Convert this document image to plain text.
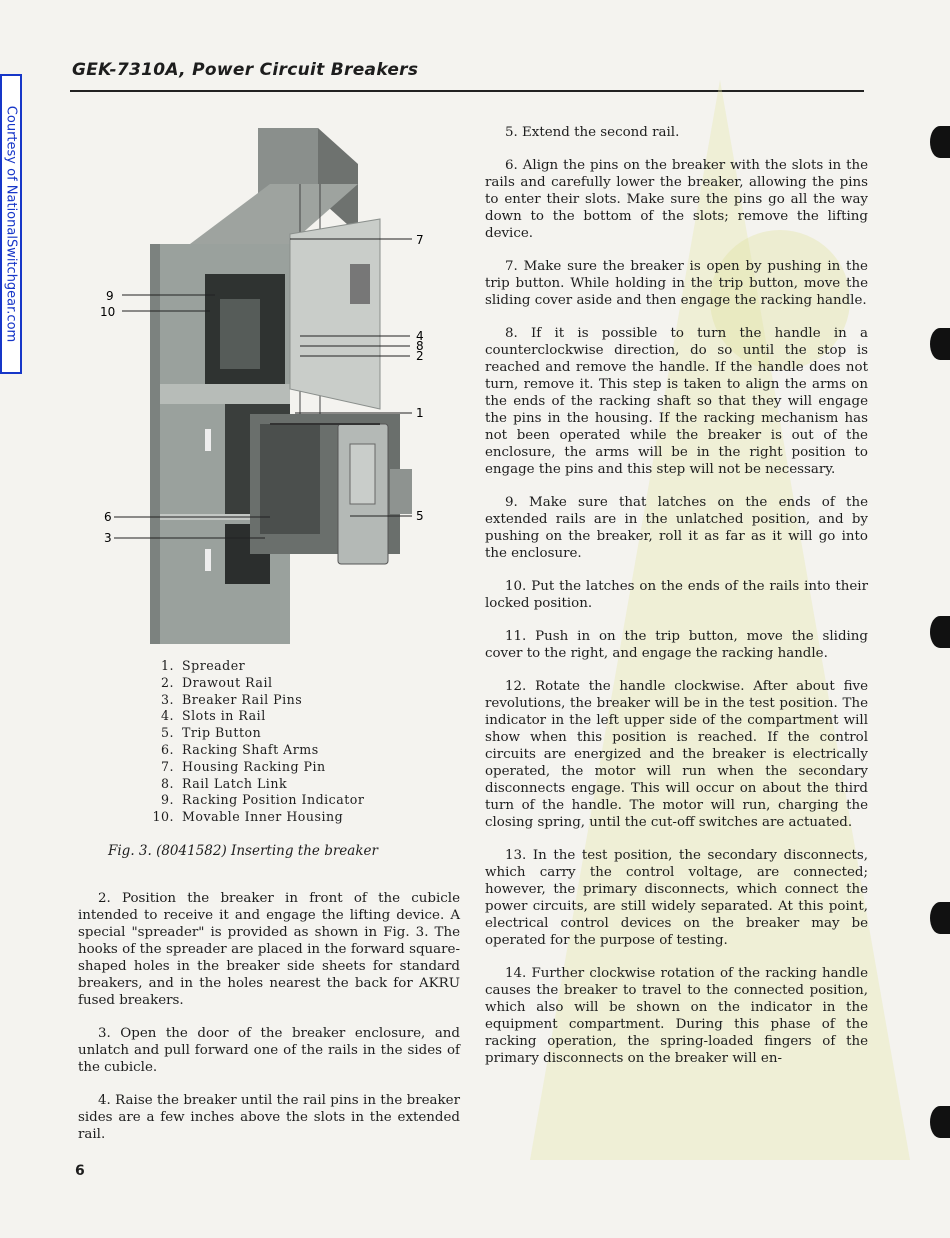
GEK-7310A, Power Circuit Breakers
Courtesy of NationalSwitchgear.com	9
10
7
4
8
2
1
6
3
5
1. Spreader
2. Drawout Rail
3. Breaker Rail Pins
4. Slots in Rail
5. Trip Button
6. Racking Shaft Arms
7. Housing Racking Pin
8. Rail Latch Link
9. Racking Position Indicator
10. Movable Inner Housing
Fig. 3. (8041582) Inserting the breaker

2. Position the breaker in front of the cubicle intended to receive it and engage the lifting device. A special "spreader" is provided as shown in Fig. 3. The hooks of the spreader are placed in the forward square-shaped holes in the breaker side sheets for standard breakers, and in the holes nearest the back for AKRU fused breakers.

3. Open the door of the breaker enclosure, and unlatch and pull forward one of the rails in the sides of the cubicle.

4. Raise the breaker until the rail pins in the breaker sides are a few inches above the slots in the extended rail.

5. Extend the second rail.

6. Align the pins on the breaker with the slots in the rails and carefully lower the breaker, allowing the pins to enter their slots. Make sure the pins go all the way down to the bottom of the slots; remove the lifting device.

7. Make sure the breaker is open by pushing in the trip button. While holding in the trip button, move the sliding cover aside and then engage the racking handle.

8. If it is possible to turn the handle in a counterclockwise direction, do so until the stop is reached and remove the handle. If the handle does not turn, remove it. This step is taken to align the arms on the ends of the racking shaft so that they will engage the pins in the housing. If the racking mechanism has not been operated while the breaker is out of the enclosure, the arms will be in the right position to engage the pins and this step will not be necessary.

9. Make sure that latches on the ends of the extended rails are in the unlatched position, and by pushing on the breaker, roll it as far as it will go into the enclosure.

10. Put the latches on the ends of the rails into their locked position.

11. Push in on the trip button, move the sliding cover to the right, and engage the racking handle.

12. Rotate the handle clockwise. After about five revolutions, the breaker will be in the test position. The indicator in the left upper side of the compartment will show when this position is reached. If the control circuits are energized and the breaker is electrically operated, the motor will run when the secondary disconnects engage. This will occur on about the third turn of the handle. The motor will run, charging the closing spring, until the cut-off switches are actuated.

13. In the test position, the secondary disconnects, which carry the control voltage, are connected; however, the primary disconnects, which connect the power circuits, are still widely separated. At this point, electrical control devices on the breaker may be operated for the purpose of testing.

14. Further clockwise rotation of the racking handle causes the breaker to travel to the connected position, which also will be shown on the indicator in the equipment compartment. During this phase of the racking operation, the spring-loaded fingers of the primary disconnects on the breaker will en-

6
